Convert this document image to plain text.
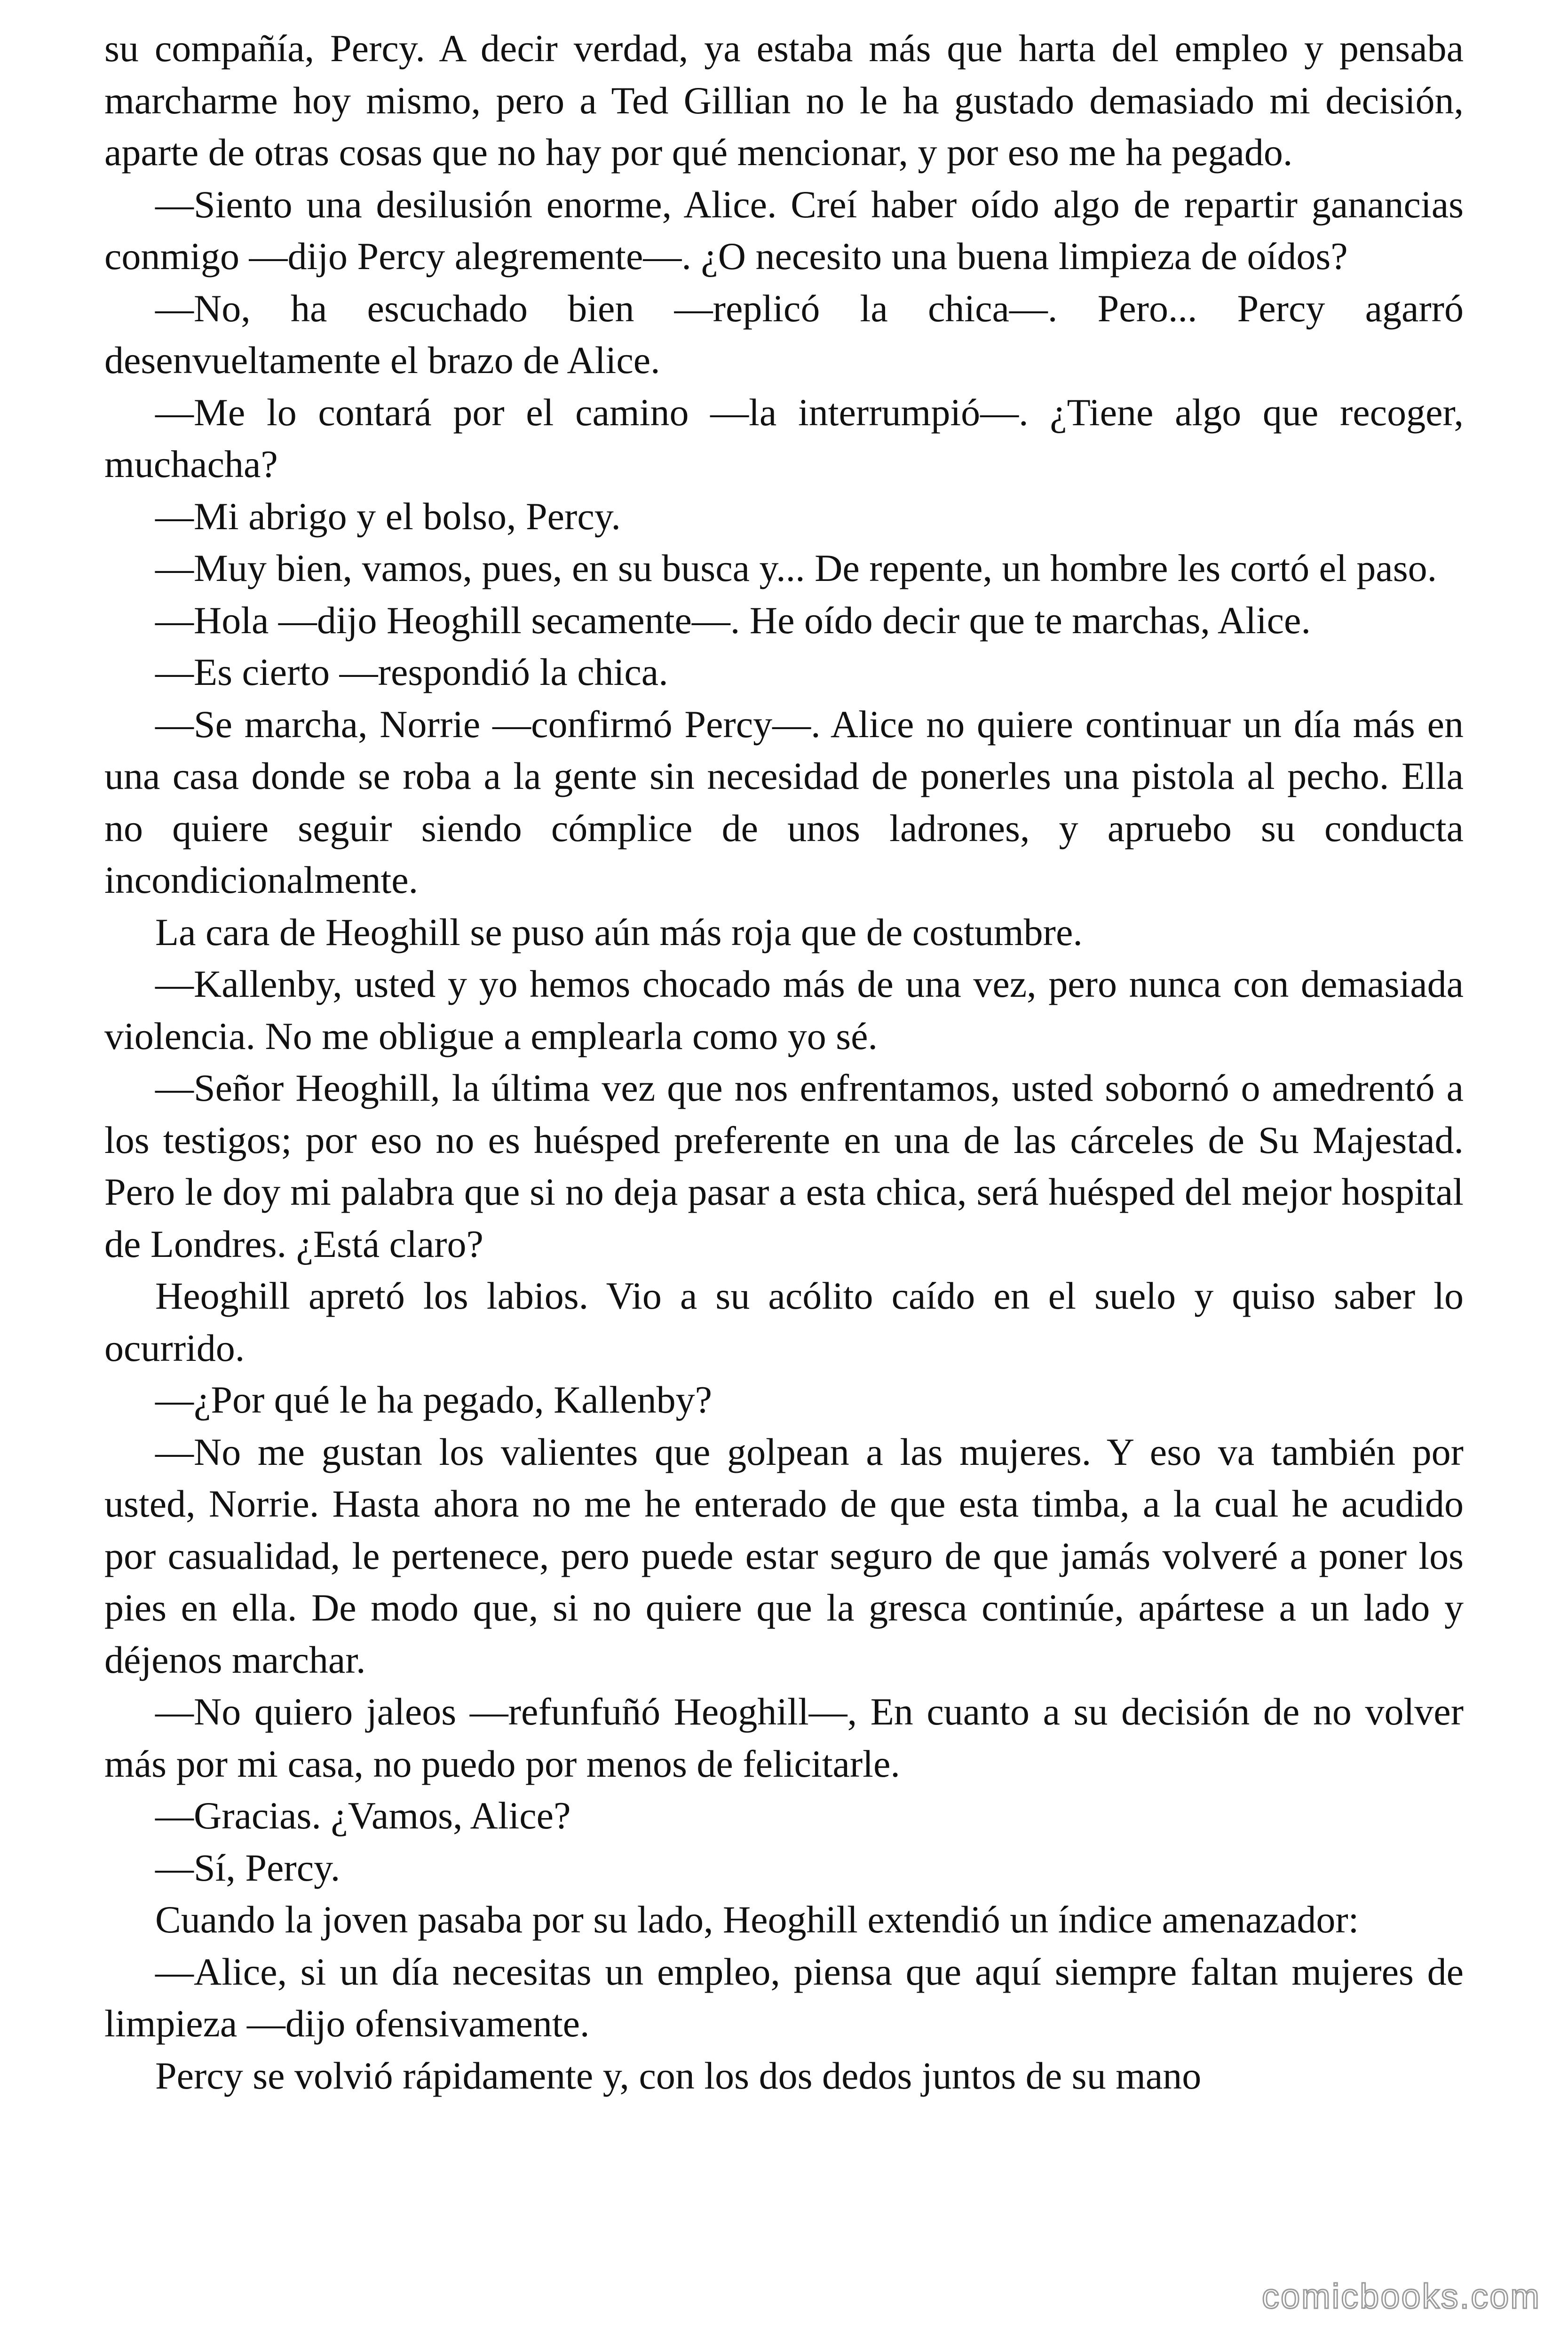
su compañía, Percy. A decir verdad, ya estaba más que harta del empleo y pensaba marcharme hoy mismo, pero a Ted Gillian no le ha gustado demasiado mi decisión, aparte de otras cosas que no hay por qué mencionar, y por eso me ha pegado.

—Siento una desilusión enorme, Alice. Creí haber oído algo de repartir ganancias conmigo —dijo Percy alegremente—. ¿O necesito una buena limpieza de oídos?

—No, ha escuchado bien —replicó la chica—. Pero... Percy agarró desenvueltamente el brazo de Alice.

—Me lo contará por el camino —la interrumpió—. ¿Tiene algo que recoger, muchacha?

—Mi abrigo y el bolso, Percy.

—Muy bien, vamos, pues, en su busca y... De repente, un hombre les cortó el paso.

—Hola —dijo Heoghill secamente—. He oído decir que te marchas, Alice.

—Es cierto —respondió la chica.

—Se marcha, Norrie —confirmó Percy—. Alice no quiere continuar un día más en una casa donde se roba a la gente sin necesidad de ponerles una pistola al pecho. Ella no quiere seguir siendo cómplice de unos ladrones, y apruebo su conducta incondicionalmente.

La cara de Heoghill se puso aún más roja que de costumbre.

—Kallenby, usted y yo hemos chocado más de una vez, pero nunca con demasiada violencia. No me obligue a emplearla como yo sé.

—Señor Heoghill, la última vez que nos enfrentamos, usted sobornó o amedrentó a los testigos; por eso no es huésped preferente en una de las cárceles de Su Majestad. Pero le doy mi palabra que si no deja pasar a esta chica, será huésped del mejor hospital de Londres. ¿Está claro?

Heoghill apretó los labios. Vio a su acólito caído en el suelo y quiso saber lo ocurrido.

—¿Por qué le ha pegado, Kallenby?

—No me gustan los valientes que golpean a las mujeres. Y eso va también por usted, Norrie. Hasta ahora no me he enterado de que esta timba, a la cual he acudido por casualidad, le pertenece, pero puede estar seguro de que jamás volveré a poner los pies en ella. De modo que, si no quiere que la gresca continúe, apártese a un lado y déjenos marchar.

—No quiero jaleos —refunfuñó Heoghill—, En cuanto a su decisión de no volver más por mi casa, no puedo por menos de felicitarle.

—Gracias. ¿Vamos, Alice?

—Sí, Percy.

Cuando la joven pasaba por su lado, Heoghill extendió un índice amenazador:

—Alice, si un día necesitas un empleo, piensa que aquí siempre faltan mujeres de limpieza —dijo ofensivamente.

Percy se volvió rápidamente y, con los dos dedos juntos de su mano

comicbooks.com
